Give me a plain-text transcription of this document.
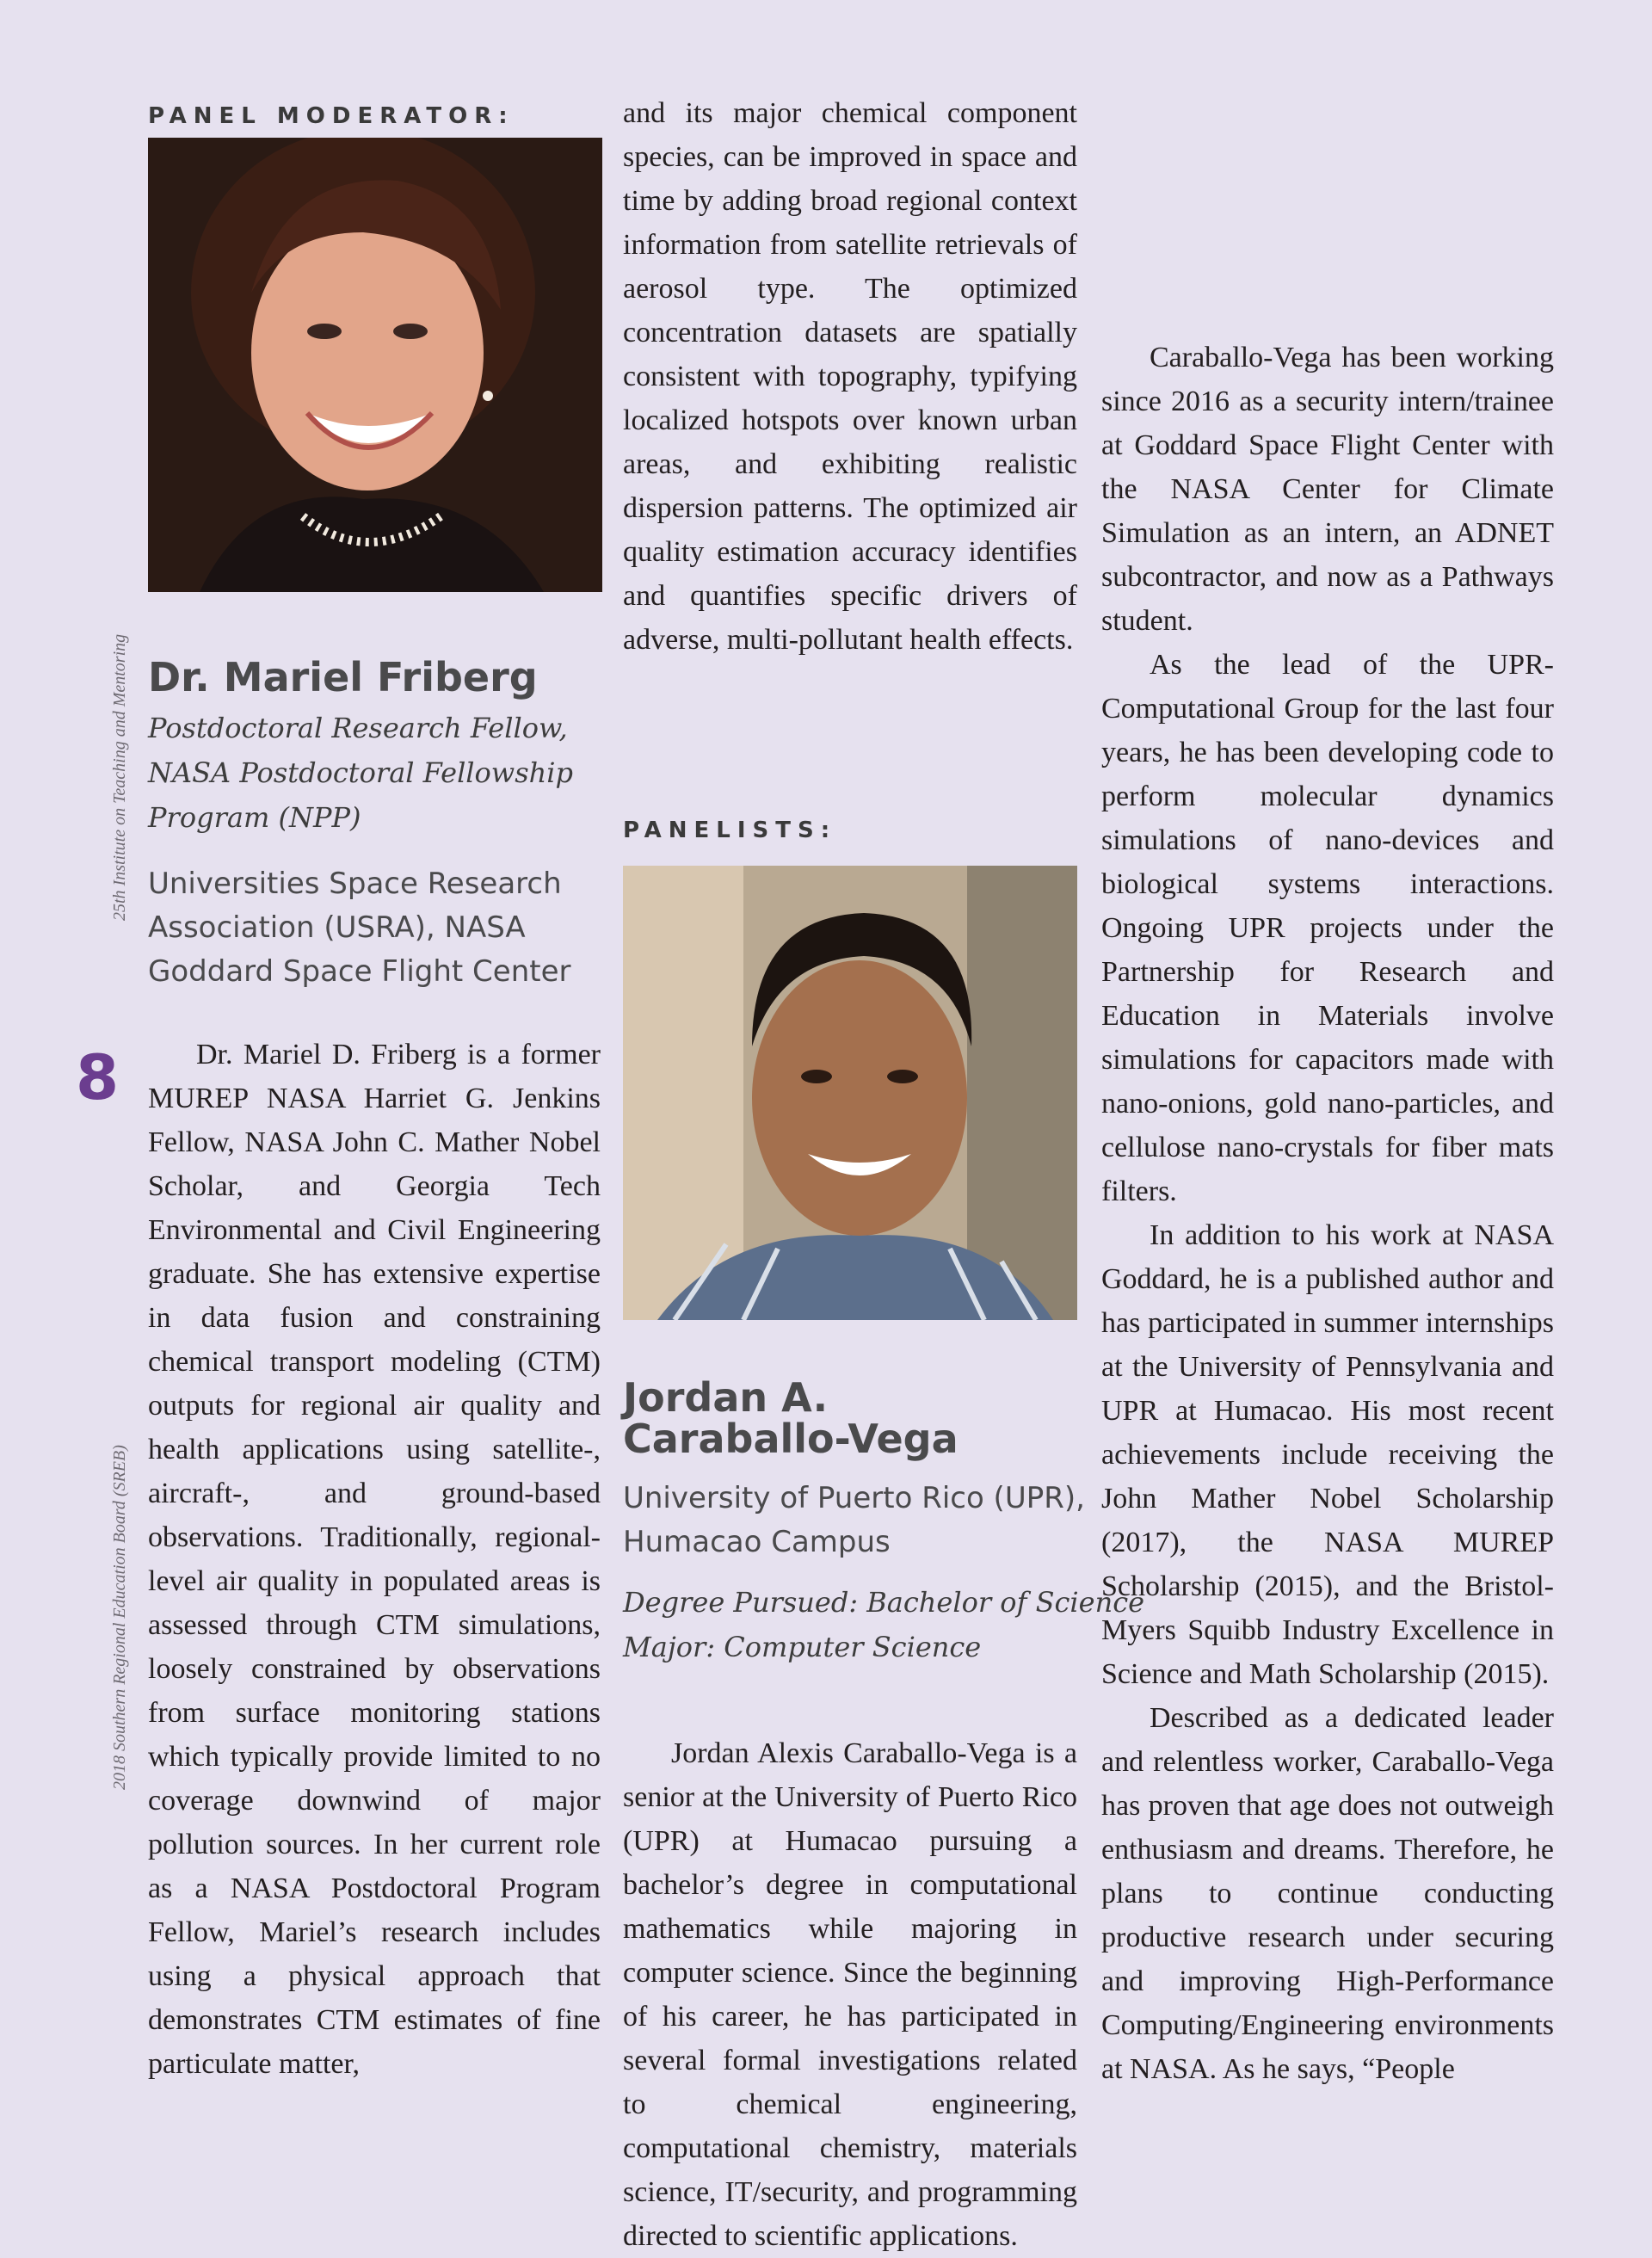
25th Institute on Teaching and Mentoring
2018 Southern Regional Education Board (SREB)

8

PANEL MODERATOR:
Dr. Mariel Friberg
Postdoctoral Research Fellow,
NASA Postdoctoral Fellowship
Program (NPP)
Universities Space Research
Association (USRA), NASA
Goddard Space Flight Center

Dr. Mariel D. Friberg is a former MUREP NASA Harriet G. Jenkins Fellow, NASA John C. Mather Nobel Scholar, and Georgia Tech Environmental and Civil Engineering graduate. She has extensive expertise in data fusion and constraining chemical transport modeling (CTM) outputs for regional air quality and health applications using satellite-, aircraft-, and ground-based observations. Traditionally, regional-level air quality in populated areas is assessed through CTM simulations, loosely constrained by observations from surface monitoring stations which typically provide limited to no coverage downwind of major pollution sources. In her current role as a NASA Postdoctoral Program Fellow, Mariel’s research includes using a physical approach that demonstrates CTM estimates of fine particulate matter,

and its major chemical component species, can be improved in space and time by adding broad regional context information from satellite retrievals of aerosol type. The optimized concentration datasets are spatially consistent with topography, typifying localized hotspots over known urban areas, and exhibiting realistic dispersion patterns. The optimized air quality estimation accuracy identifies and quantifies specific drivers of adverse, multi-pollutant health effects.

PANELISTS:
Jordan A.
Caraballo-Vega
University of Puerto Rico (UPR),
Humacao Campus
Degree Pursued: Bachelor of Science
Major: Computer Science

Jordan Alexis Caraballo-Vega is a senior at the University of Puerto Rico (UPR) at Humacao pursuing a bachelor’s degree in computational mathematics while majoring in computer science. Since the beginning of his career, he has participated in several formal investigations related to chemical engineering, computational chemistry, materials science, IT/security, and programming directed to scientific applications.

Caraballo-Vega has been working since 2016 as a security intern/trainee at Goddard Space Flight Center with the NASA Center for Climate Simulation as an intern, an ADNET subcontractor, and now as a Pathways student.

As the lead of the UPR-Computational Group for the last four years, he has been developing code to perform molecular dynamics simulations of nano-devices and biological systems interactions. Ongoing UPR projects under the Partnership for Research and Education in Materials involve simulations for capacitors made with nano-onions, gold nano-particles, and cellulose nano-crystals for fiber mats filters.

In addition to his work at NASA Goddard, he is a published author and has participated in summer internships at the University of Pennsylvania and UPR at Humacao. His most recent achievements include receiving the John Mather Nobel Scholarship (2017), the NASA MUREP Scholarship (2015), and the Bristol-Myers Squibb Industry Excellence in Science and Math Scholarship (2015).

Described as a dedicated leader and relentless worker, Caraballo-Vega has proven that age does not outweigh enthusiasm and dreams. Therefore, he plans to continue conducting productive research under securing and improving High-Performance Computing/Engineering environments at NASA. As he says, “People
